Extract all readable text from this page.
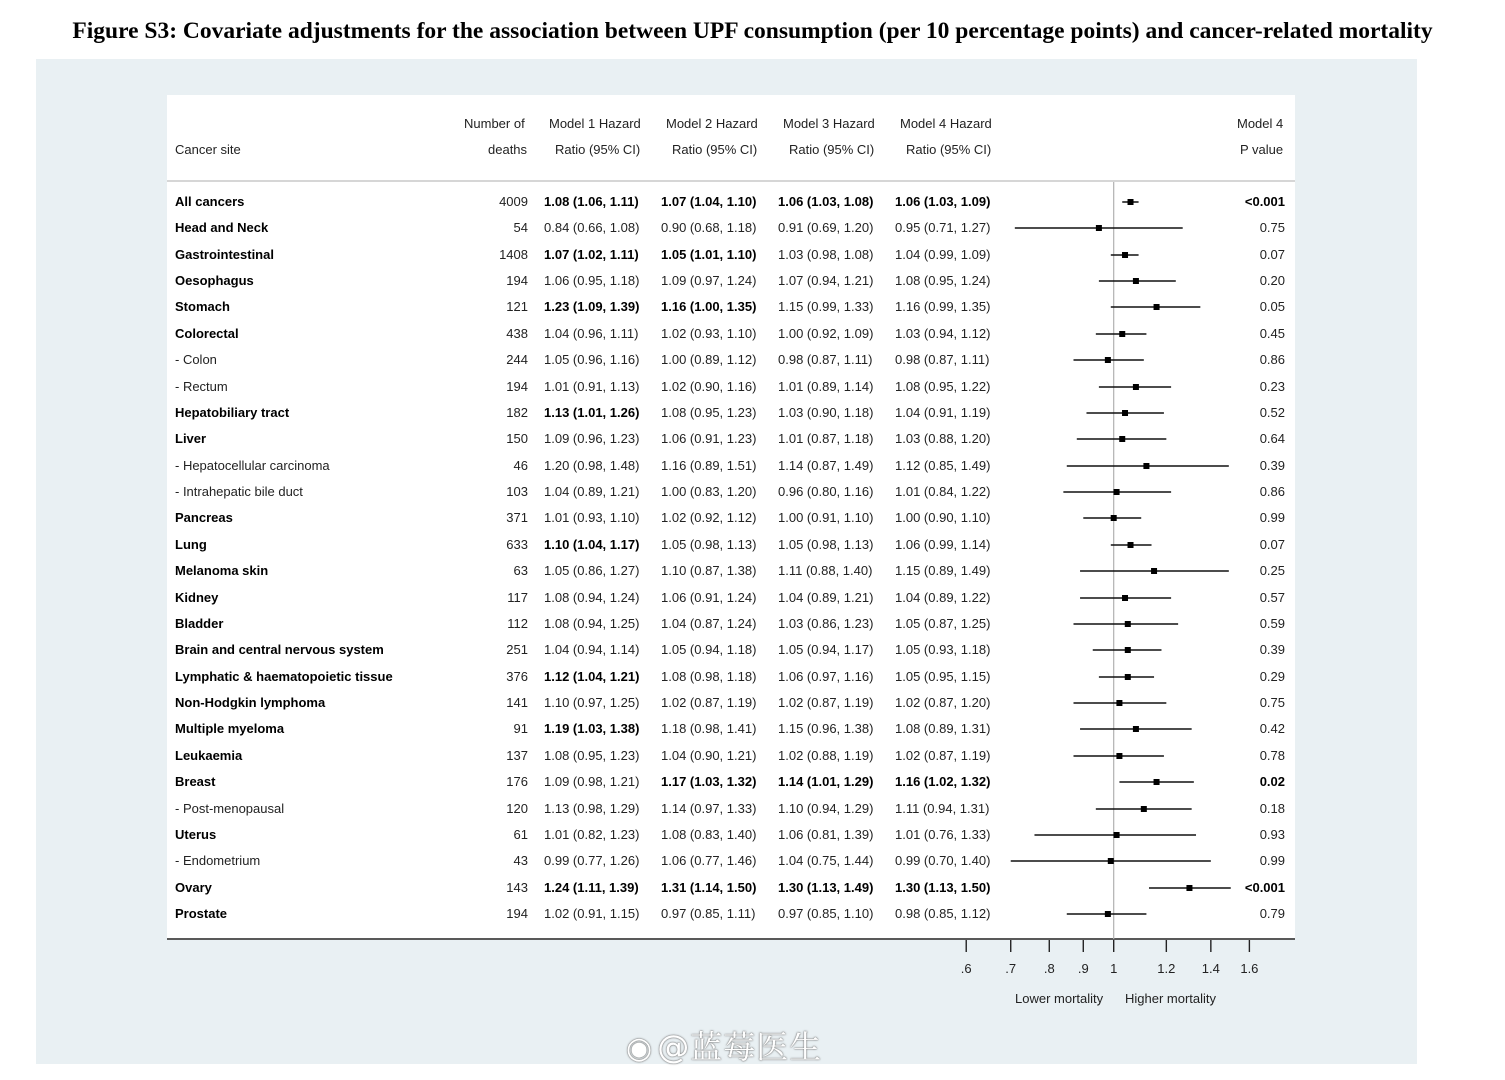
Figure S3: Covariate adjustments for the association between UPF consumption (per 10 percentage points) and cancer-related mortality
Cancer site
Number of
deaths
Model 1 Hazard
Ratio (95% CI)
Model 2 Hazard
Ratio (95% CI)
Model 3 Hazard
Ratio (95% CI)
Model 4 Hazard
Ratio (95% CI)
Model 4
P value
All cancers	4009 1.08 (1.06, 1.11) 1.07 (1.04, 1.10) 1.06 (1.03, 1.08) 1.06 (1.03, 1.09)	<0.001
Head and Neck	54 0.84 (0.66, 1.08) 0.90 (0.68, 1.18) 0.91 (0.69, 1.20) 0.95 (0.71, 1.27)	0.75
Gastrointestinal	1408 1.07 (1.02, 1.11) 1.05 (1.01, 1.10) 1.03 (0.98, 1.08) 1.04 (0.99, 1.09)	0.07
Oesophagus	194 1.06 (0.95, 1.18) 1.09 (0.97, 1.24) 1.07 (0.94, 1.21) 1.08 (0.95, 1.24)	0.20
Stomach	121 1.23 (1.09, 1.39) 1.16 (1.00, 1.35) 1.15 (0.99, 1.33) 1.16 (0.99, 1.35)	0.05
Colorectal	438 1.04 (0.96, 1.11) 1.02 (0.93, 1.10) 1.00 (0.92, 1.09) 1.03 (0.94, 1.12)	0.45
- Colon	244 1.05 (0.96, 1.16) 1.00 (0.89, 1.12) 0.98 (0.87, 1.11) 0.98 (0.87, 1.11)	0.86
- Rectum	194 1.01 (0.91, 1.13) 1.02 (0.90, 1.16) 1.01 (0.89, 1.14) 1.08 (0.95, 1.22)	0.23
Hepatobiliary tract	182 1.13 (1.01, 1.26) 1.08 (0.95, 1.23) 1.03 (0.90, 1.18) 1.04 (0.91, 1.19)	0.52
Liver	150 1.09 (0.96, 1.23) 1.06 (0.91, 1.23) 1.01 (0.87, 1.18) 1.03 (0.88, 1.20)	0.64
- Hepatocellular carcinoma	46 1.20 (0.98, 1.48) 1.16 (0.89, 1.51) 1.14 (0.87, 1.49) 1.12 (0.85, 1.49)	0.39
- Intrahepatic bile duct	103 1.04 (0.89, 1.21) 1.00 (0.83, 1.20) 0.96 (0.80, 1.16) 1.01 (0.84, 1.22)	0.86
Pancreas	371 1.01 (0.93, 1.10) 1.02 (0.92, 1.12) 1.00 (0.91, 1.10) 1.00 (0.90, 1.10)	0.99
Lung	633 1.10 (1.04, 1.17) 1.05 (0.98, 1.13) 1.05 (0.98, 1.13) 1.06 (0.99, 1.14)	0.07
Melanoma skin	63 1.05 (0.86, 1.27) 1.10 (0.87, 1.38) 1.11 (0.88, 1.40) 1.15 (0.89, 1.49)	0.25
Kidney	117 1.08 (0.94, 1.24) 1.06 (0.91, 1.24) 1.04 (0.89, 1.21) 1.04 (0.89, 1.22)	0.57
Bladder	112 1.08 (0.94, 1.25) 1.04 (0.87, 1.24) 1.03 (0.86, 1.23) 1.05 (0.87, 1.25)	0.59
Brain and central nervous system	251 1.04 (0.94, 1.14) 1.05 (0.94, 1.18) 1.05 (0.94, 1.17) 1.05 (0.93, 1.18)	0.39
Lymphatic & haematopoietic tissue	376 1.12 (1.04, 1.21) 1.08 (0.98, 1.18) 1.06 (0.97, 1.16) 1.05 (0.95, 1.15)	0.29
Non-Hodgkin lymphoma	141 1.10 (0.97, 1.25) 1.02 (0.87, 1.19) 1.02 (0.87, 1.19) 1.02 (0.87, 1.20)	0.75
Multiple myeloma	91 1.19 (1.03, 1.38) 1.18 (0.98, 1.41) 1.15 (0.96, 1.38) 1.08 (0.89, 1.31)	0.42
Leukaemia	137 1.08 (0.95, 1.23) 1.04 (0.90, 1.21) 1.02 (0.88, 1.19) 1.02 (0.87, 1.19)	0.78
Breast	176 1.09 (0.98, 1.21) 1.17 (1.03, 1.32) 1.14 (1.01, 1.29) 1.16 (1.02, 1.32)	0.02
- Post-menopausal	120 1.13 (0.98, 1.29) 1.14 (0.97, 1.33) 1.10 (0.94, 1.29) 1.11 (0.94, 1.31)	0.18
Uterus	61 1.01 (0.82, 1.23) 1.08 (0.83, 1.40) 1.06 (0.81, 1.39) 1.01 (0.76, 1.33)	0.93
- Endometrium	43 0.99 (0.77, 1.26) 1.06 (0.77, 1.46) 1.04 (0.75, 1.44) 0.99 (0.70, 1.40)	0.99
Ovary	143 1.24 (1.11, 1.39) 1.31 (1.14, 1.50) 1.30 (1.13, 1.49) 1.30 (1.13, 1.50)	<0.001
Prostate	194 1.02 (0.91, 1.15) 0.97 (0.85, 1.11) 0.97 (0.85, 1.10) 0.98 (0.85, 1.12)	0.79
.6	.7 .8 .9 1	1.2 1.4 1.6
Lower mortality Higher mortality
◉ @蓝莓医生
